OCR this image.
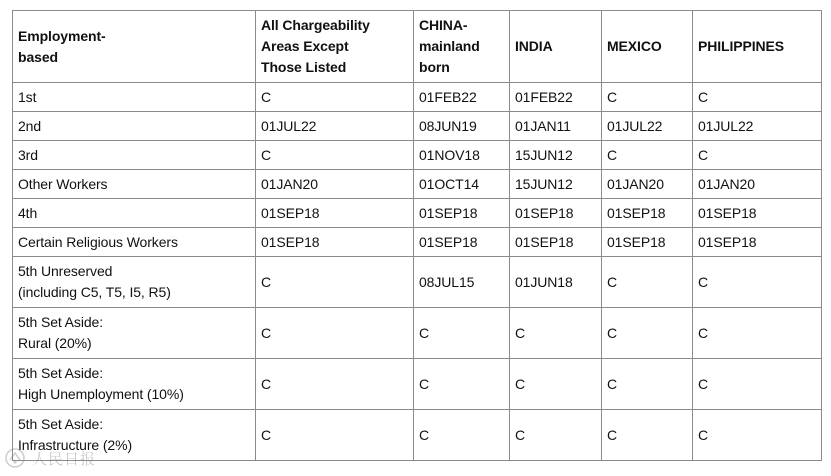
Employment-
based	All Chargeability
Areas Except
Those Listed	CHINA-
mainland
born	INDIA	MEXICO	PHILIPPINES

1st	C	01FEB22	01FEB22	C	C

2nd	01JUL22	08JUN19	01JAN11	01JUL22	01JUL22

3rd	C	01NOV18	15JUN12	C	C

Other Workers	01JAN20	01OCT14	15JUN12	01JAN20	01JAN20

4th	01SEP18	01SEP18	01SEP18	01SEP18	01SEP18

Certain Religious Workers	01SEP18	01SEP18	01SEP18	01SEP18	01SEP18

5th Unreserved
(including C5, T5, I5, R5)	C	08JUL15	01JUN18	C	C

5th Set Aside:
Rural (20%)	C	C	C	C	C

5th Set Aside:
High Unemployment (10%)	C	C	C	C	C

5th Set Aside:
Infrastructure (2%)	C	C	C	C	C
人民日报
